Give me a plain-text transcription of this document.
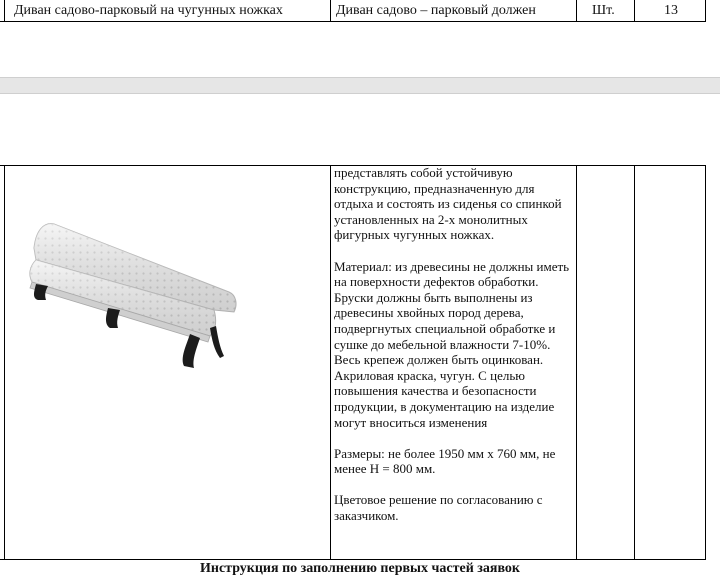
Диван садово-парковый на чугунных ножках	Диван садово – парковый должен	Шт.	13

представлять собой устойчивую конструкцию, предназначенную для отдыха и состоять из сиденья со спинкой установленных на 2-х монолитных фигурных чугунных ножках.

Материал: из древесины не должны иметь на поверхности дефектов обработки. Бруски должны быть выполнены из древесины хвойных пород дерева, подвергнутых специальной обработке и сушке до мебельной влажности 7-10%. Весь крепеж должен быть оцинкован. Акриловая краска, чугун. С целью повышения качества и безопасности продукции, в документацию на изделие могут вноситься изменения

Размеры: не более 1950 мм х 760 мм, не менее Н = 800 мм.

Цветовое решение по согласованию с заказчиком.

Инструкция по заполнению первых частей заявок
